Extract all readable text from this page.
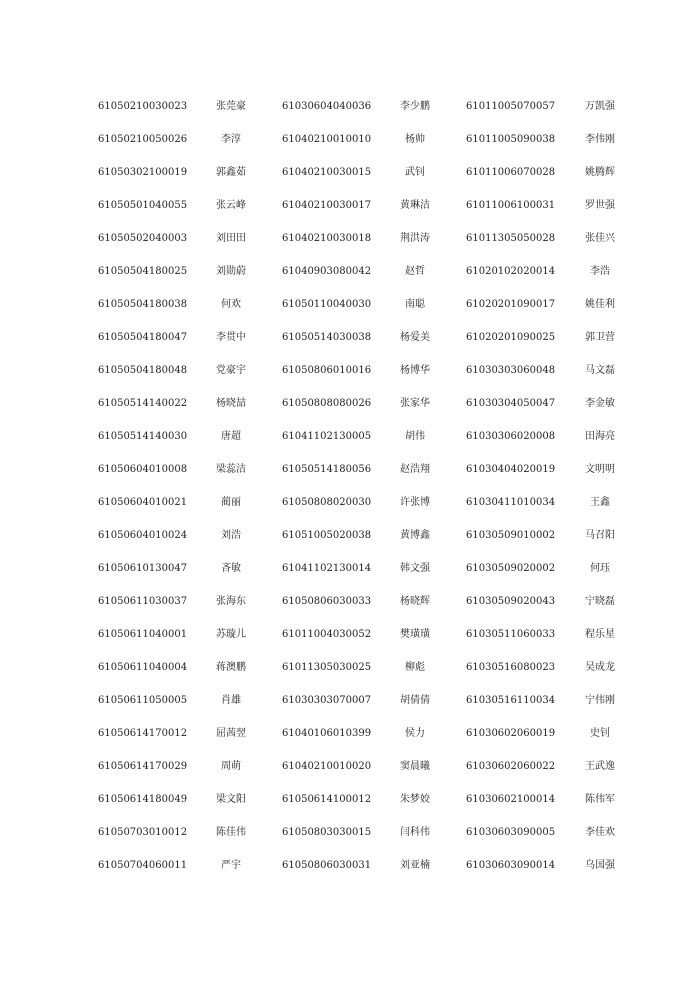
61050210030023	张莞豪		61030604040036	李少鹏		61011005070057	万凯强
61050210050026	李淳		61040210010010	杨帅		61011005090038	李伟刚
61050302100019	郭鑫茹		61040210030015	武钊		61011006070028	姚腾辉
61050501040055	张云峰		61040210030017	黄琳洁		61011006100031	罗世强
61050502040003	刘田田		61040210030018	荆洪涛		61011305050028	张佳兴
61050504180025	刘勋蔚		61040903080042	赵哲		61020102020014	李浩
61050504180038	何欢		61050110040030	南聪		61020201090017	姚佳利
61050504180047	李贯中		61050514030038	杨爱美		61020201090025	郭卫营
61050504180048	党豪宇		61050806010016	杨博华		61030303060048	马文磊
61050514140022	杨晓喆		61050808080026	张家华		61030304050047	李金敏
61050514140030	唐超		61041102130005	胡伟		61030306020008	田海亮
61050604010008	梁蕊洁		61050514180056	赵浩翔		61030404020019	文明明
61050604010021	蔺丽		61050808020030	许张博		61030411010034	王鑫
61050604010024	刘浩		61051005020038	黄博鑫		61030509010002	马召阳
61050610130047	吝敏		61041102130014	韩文强		61030509020002	何珏
61050611030037	张海东		61050806030033	杨晓辉		61030509020043	宁晓磊
61050611040001	苏璇儿		61011004030052	樊璜璜		61030511060033	程乐星
61050611040004	蒋澳鹏		61011305030025	柳彪		61030516080023	吴成龙
61050611050005	肖雄		61030303070007	胡倩倩		61030516110034	宁伟刚
61050614170012	屈茜翌		61040106010399	侯力		61030602060019	史钊
61050614170029	周萌		61040210010020	窦晨曦		61030602060022	王武逸
61050614180049	梁文阳		61050614100012	朱梦姣		61030602100014	陈伟军
61050703010012	陈佳伟		61050803030015	闫科伟		61030603090005	李佳欢
61050704060011	严宇		61050806030031	刘亚楠		61030603090014	乌国强
